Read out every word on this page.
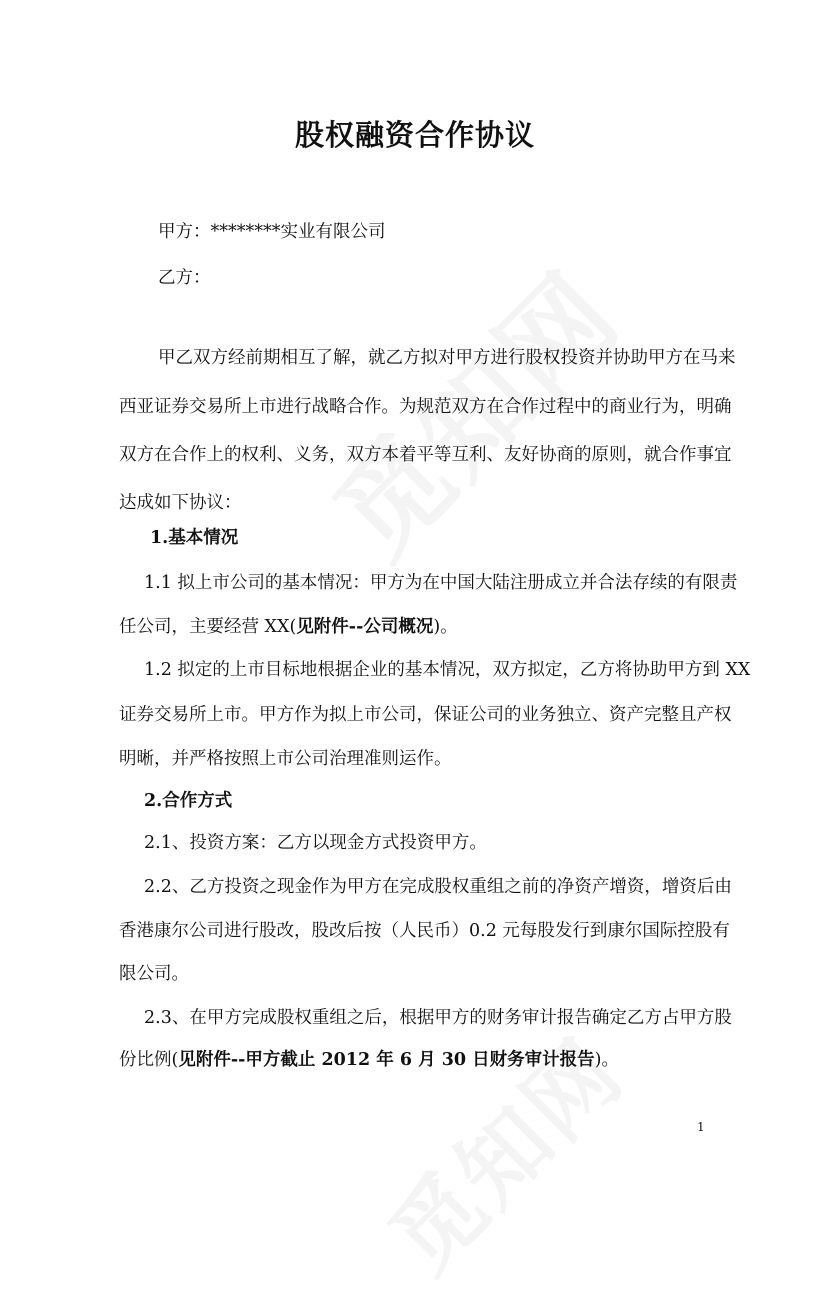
股权融资合作协议
甲方：********实业有限公司
乙方：
甲乙双方经前期相互了解，就乙方拟对甲方进行股权投资并协助甲方在马来
西亚证券交易所上市进行战略合作。为规范双方在合作过程中的商业行为，明确
双方在合作上的权利、义务，双方本着平等互利、友好协商的原则，就合作事宜
达成如下协议：
1.基本情况
1.1 拟上市公司的基本情况：甲方为在中国大陆注册成立并合法存续的有限责
任公司，主要经营 XX(见附件--公司概况)。
1.2 拟定的上市目标地根据企业的基本情况，双方拟定，乙方将协助甲方到 XX
证券交易所上市。甲方作为拟上市公司，保证公司的业务独立、资产完整且产权
明晰，并严格按照上市公司治理准则运作。
2.合作方式
2.1、投资方案：乙方以现金方式投资甲方。
2.2、乙方投资之现金作为甲方在完成股权重组之前的净资产增资，增资后由
香港康尔公司进行股改，股改后按（人民币）0.2 元每股发行到康尔国际控股有
限公司。
2.3、在甲方完成股权重组之后，根据甲方的财务审计报告确定乙方占甲方股
份比例(见附件--甲方截止 2012 年 6 月 30 日财务审计报告)。
1
